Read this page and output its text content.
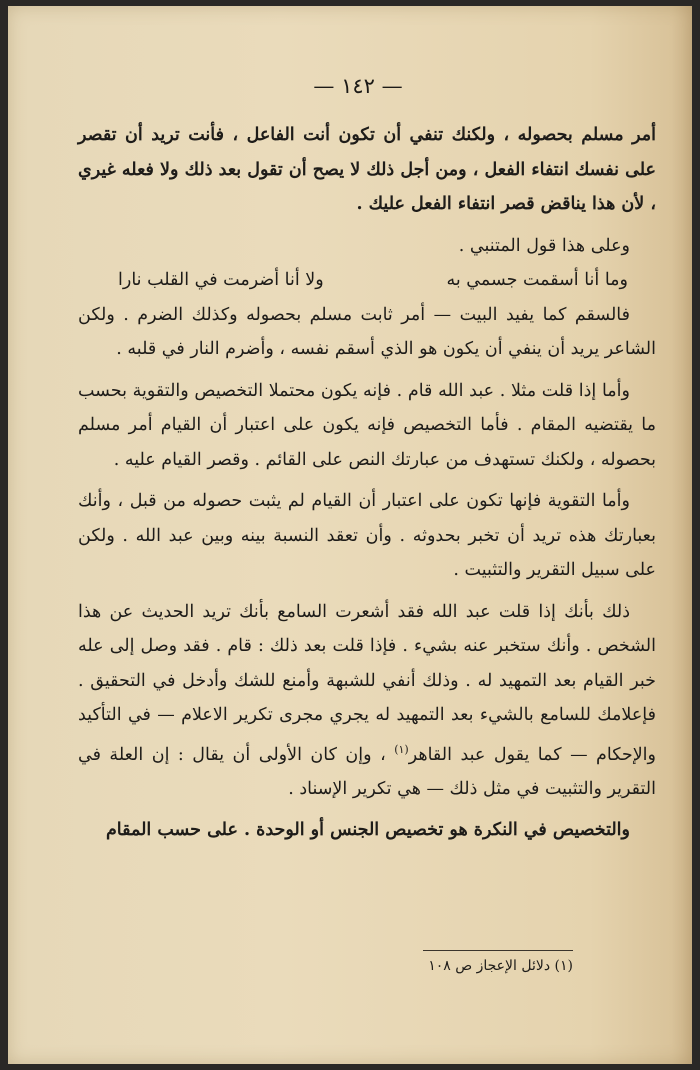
— ١٤٢ —

أمر مسلم بحصوله ، ولكنك تنفي أن تكون أنت الفاعل ، فأنت تريد أن تقصر على نفسك انتفاء الفعل ، ومن أجل ذلك لا يصح أن تقول بعد ذلك ولا فعله غيري ، لأن هذا يناقض قصر انتفاء الفعل عليك .

وعلى هذا قول المتنبي .

وما أنا أسقمت جسمي به
ولا أنا أضرمت في القلب نارا

فالسقم كما يفيد البيت — أمر ثابت مسلم بحصوله وكذلك الضرم . ولكن الشاعر يريد أن ينفي أن يكون هو الذي أسقم نفسه ، وأضرم النار في قلبه .

وأما إذا قلت مثلا . عبد الله قام . فإنه يكون محتملا التخصيص والتقوية بحسب ما يقتضيه المقام . فأما التخصيص فإنه يكون على اعتبار أن القيام أمر مسلم بحصوله ، ولكنك تستهدف من عبارتك النص على القائم . وقصر القيام عليه .

وأما التقوية فإنها تكون على اعتبار أن القيام لم يثبت حصوله من قبل ، وأنك بعبارتك هذه تريد أن تخبر بحدوثه . وأن تعقد النسبة بينه وبين عبد الله . ولكن على سبيل التقرير والتثبيت .

ذلك بأنك إذا قلت عبد الله فقد أشعرت السامع بأنك تريد الحديث عن هذا الشخص . وأنك ستخبر عنه بشيء . فإذا قلت بعد ذلك : قام . فقد وصل إلى عله خبر القيام بعد التمهيد له . وذلك أنفي للشبهة وأمنع للشك وأدخل في التحقيق . فإعلامك للسامع بالشيء بعد التمهيد له يجري مجرى تكرير الاعلام — في التأكيد والإحكام — كما يقول عبد القاهر$^{(١)}$ ، وإن كان الأولى أن يقال : إن العلة في التقرير والتثبيت في مثل ذلك — هي تكرير الإسناد .

والتخصيص في النكرة هو تخصيص الجنس أو الوحدة . على حسب المقام

(١) دلائل الإعجاز ص ١٠٨
